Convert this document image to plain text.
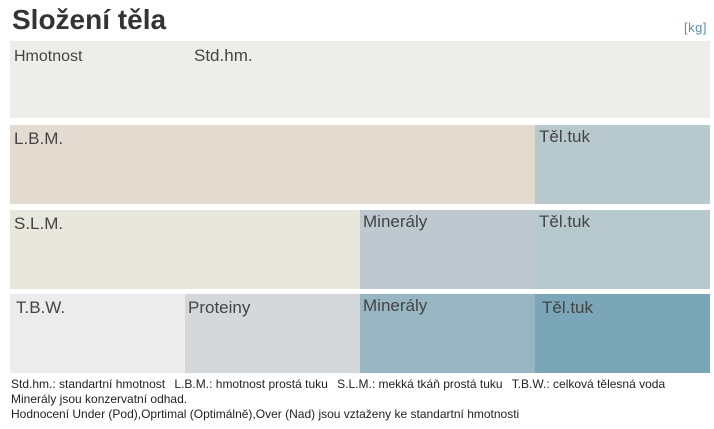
Složení těla	[kg]
Hmotnost	Std.hm.
L.B.M.	Těl.tuk
S.L.M.	Minerály	Těl.tuk
T.B.W.	Proteiny	Minerály	Těl.tuk
Std.hm.: standartní hmotnost L.B.M.: hmotnost prostá tuku S.L.M.: mekká tkáň prostá tuku T.B.W.: celková tělesná voda
Minerály jsou konzervatní odhad.
Hodnocení Under (Pod),Oprtimal (Optimálně),Over (Nad) jsou vztaženy ke standartní hmotnosti
